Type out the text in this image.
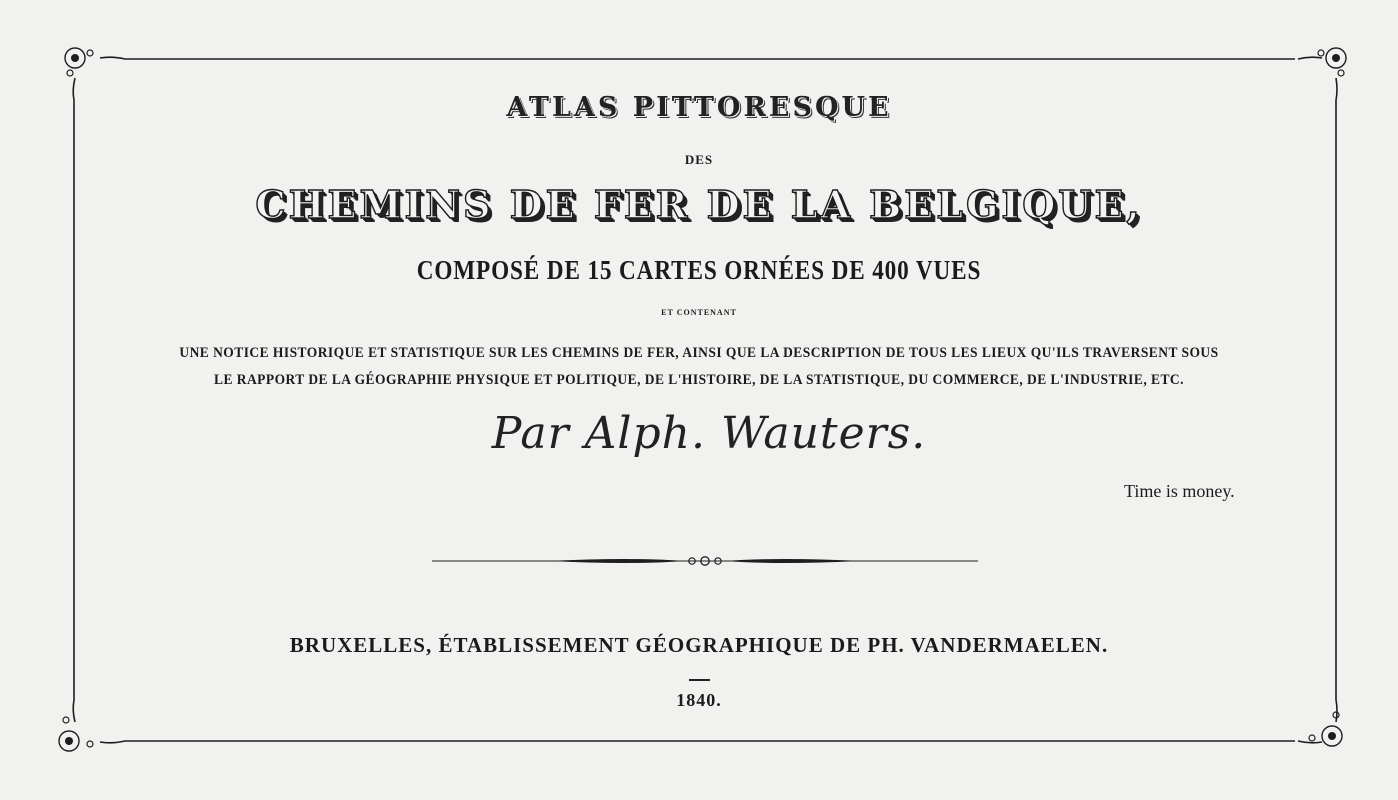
ATLAS PITTORESQUE
DES
CHEMINS DE FER DE LA BELGIQUE,
COMPOSÉ DE 15 CARTES ORNÉES DE 400 VUES
ET CONTENANT
UNE NOTICE HISTORIQUE ET STATISTIQUE SUR LES CHEMINS DE FER, AINSI QUE LA DESCRIPTION DE TOUS LES LIEUX QU'ILS TRAVERSENT SOUS
LE RAPPORT DE LA GÉOGRAPHIE PHYSIQUE ET POLITIQUE, DE L'HISTOIRE, DE LA STATISTIQUE, DU COMMERCE, DE L'INDUSTRIE, ETC.
Par Alph. Wauters.
Time is money.
BRUXELLES, ÉTABLISSEMENT GÉOGRAPHIQUE DE PH. VANDERMAELEN.
1840.
